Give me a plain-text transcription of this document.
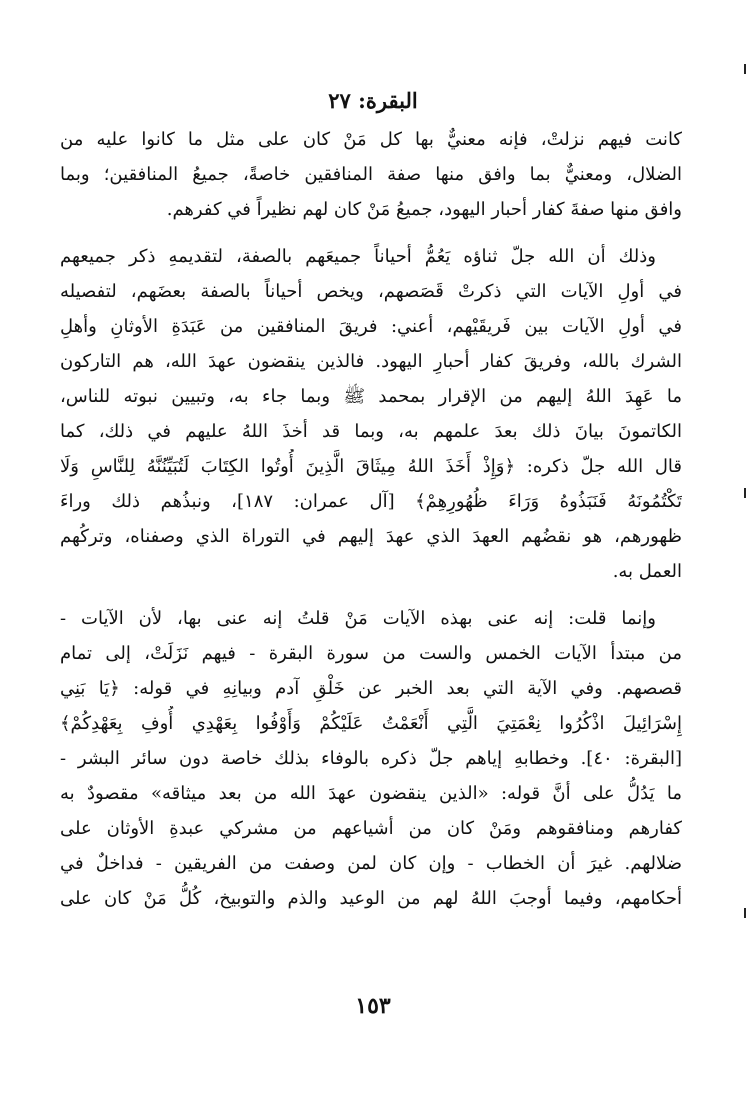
البقرة: ٢٧
كانت فيهم نزلتْ، فإنه معنيٌّ بها كل مَنْ كان على مثل ما كانوا عليه من
الضلال، ومعنيٌّ بما وافق منها صفة المنافقين خاصةً، جميعُ المنافقين؛ وبما
وافق منها صفةَ كفار أحبار اليهود، جميعُ مَنْ كان لهم نظيراً في كفرهم.
وذلك أن الله جلّ ثناؤه يَعُمُّ أحياناً جميعَهم بالصفة، لتقديمهِ ذكر جميعهم
في أولِ الآيات التي ذكرتْ قَصَصهم، ويخص أحياناً بالصفة بعضَهم، لتفصيله
في أولِ الآيات بين فَريقَيْهم، أعني: فريقَ المنافقين من عَبَدَةِ الأوثانِ وأهلِ
الشرك بالله، وفريقَ كفار أحبارِ اليهود. فالذين ينقضون عهدَ الله، هم التاركون
ما عَهِدَ اللهُ إليهم من الإقرار بمحمد ﷺ وبما جاء به، وتبيين نبوته للناس،
الكاتمونَ بيانَ ذلك بعدَ علمهم به، وبما قد أخذَ اللهُ عليهم في ذلك، كما
قال الله جلّ ذكره: ﴿وَإِذْ أَخَذَ اللهُ مِيثَاقَ الَّذِينَ أُوتُوا الكِتَابَ لَتُبَيِّنُنَّهُ لِلنَّاسِ وَلَا
تَكْتُمُونَهُ فَنَبَذُوهُ وَرَاءَ ظُهُورِهِمْ﴾ [آل عمران: ١٨٧]، ونبذُهم ذلك وراءَ
ظهورهم، هو نقضُهم العهدَ الذي عهدَ إليهم في التوراة الذي وصفناه، وتركُهم
العمل به.
وإنما قلت: إنه عنى بهذه الآيات مَنْ قلتُ إنه عنى بها، لأن الآيات -
من مبتدأ الآيات الخمس والست من سورة البقرة - فيهم نَزَلَتْ، إلى تمام
قصصهم. وفي الآية التي بعد الخبر عن خَلْقِ آدم وبيانِهِ في قوله: ﴿يَا بَنِي
إِسْرَائِيلَ اذْكُرُوا نِعْمَتِيَ الَّتِي أَنْعَمْتُ عَلَيْكُمْ وَأَوْفُوا بِعَهْدِي أُوفِ بِعَهْدِكُمْ﴾
[البقرة: ٤٠]. وخطابهِ إياهم جلّ ذكره بالوفاء بذلك خاصة دون سائر البشر -
ما يَدُلُّ على أنَّ قوله: «الذين ينقضون عهدَ الله من بعد ميثاقه» مقصودٌ به
كفارهم ومنافقوهم ومَنْ كان من أشياعهم من مشركي عبدةِ الأوثان على
ضلالهم. غيرَ أن الخطاب - وإن كان لمن وصفت من الفريقين - فداخلٌ في
أحكامهم، وفيما أوجبَ اللهُ لهم من الوعيد والذم والتوبيخ، كُلُّ مَنْ كان على
١٥٣
